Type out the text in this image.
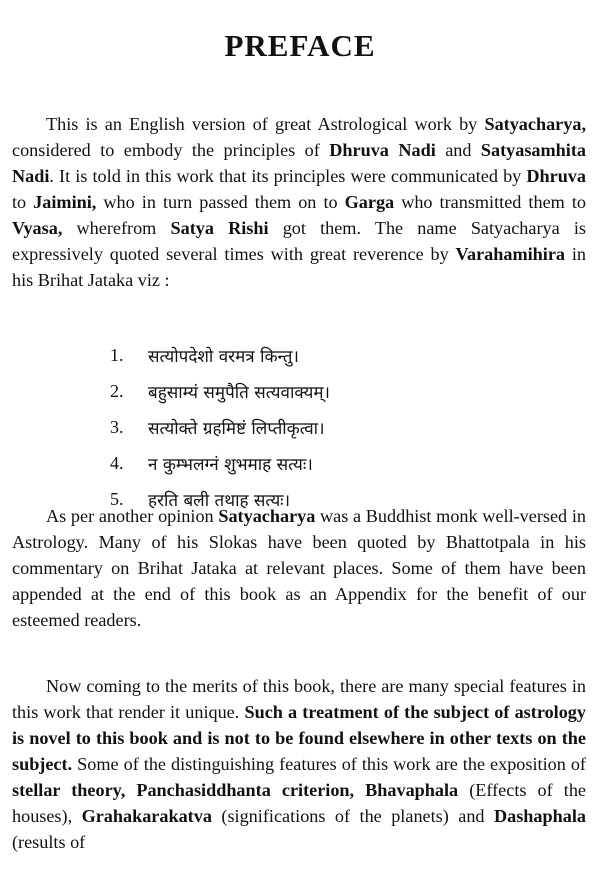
PREFACE

This is an English version of great Astrological work by Satyacharya, considered to embody the principles of Dhruva Nadi and Satyasamhita Nadi. It is told in this work that its principles were communicated by Dhruva to Jaimini, who in turn passed them on to Garga who transmitted them to Vyasa, wherefrom Satya Rishi got them. The name Satyacharya is expressively quoted several times with great reverence by Varahamihira in his Brihat Jataka viz :

1.	सत्योपदेशो वरमत्र किन्तु।
2.	बहुसाम्यं समुपैति सत्यवाक्यम्।
3.	सत्योक्ते ग्रहमिष्टं लिप्तीकृत्वा।
4.	न कुम्भलग्नं शुभमाह सत्यः।
5.	हरति बली तथाह सत्यः।

As per another opinion Satyacharya was a Buddhist monk well-versed in Astrology. Many of his Slokas have been quoted by Bhattotpala in his commentary on Brihat Jataka at relevant places. Some of them have been appended at the end of this book as an Appendix for the benefit of our esteemed readers.

Now coming to the merits of this book, there are many special features in this work that render it unique. Such a treatment of the subject of astrology is novel to this book and is not to be found elsewhere in other texts on the subject. Some of the distinguishing features of this work are the exposition of stellar theory, Panchasiddhanta criterion, Bhavaphala (Effects of the houses), Grahakarakatva (significations of the planets) and Dashaphala (results of
